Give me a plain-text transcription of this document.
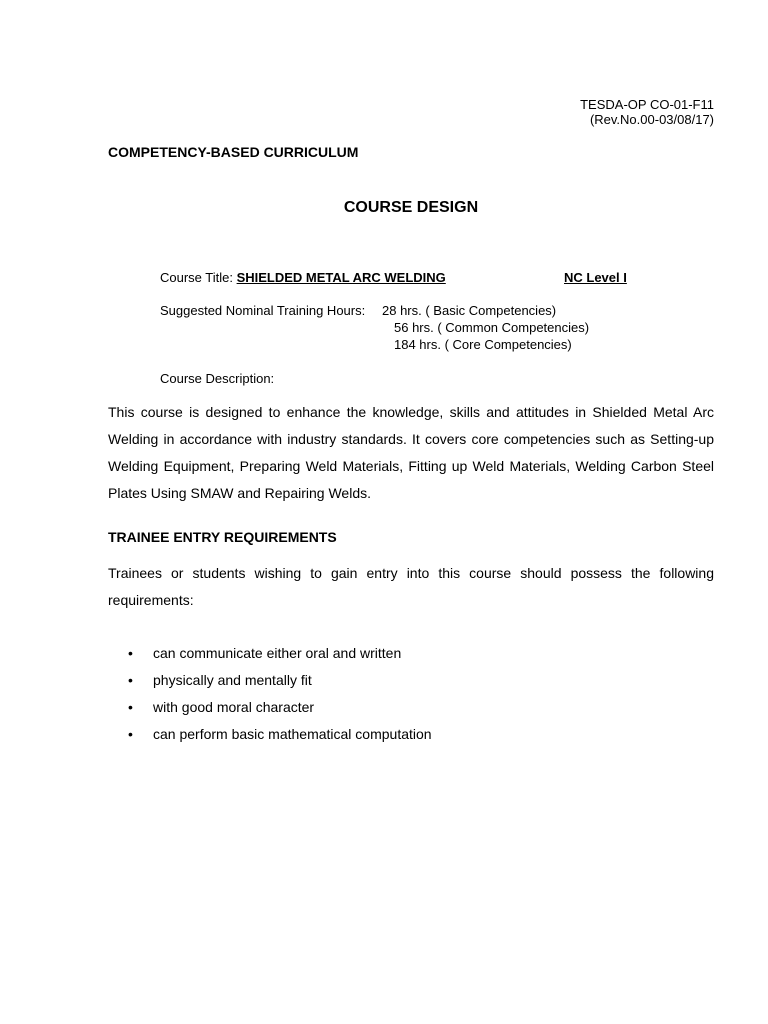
TESDA-OP CO-01-F11
(Rev.No.00-03/08/17)
COMPETENCY-BASED CURRICULUM
COURSE DESIGN
Course Title: SHIELDED METAL ARC WELDING	NC Level I
Suggested Nominal Training Hours: 28 hrs. ( Basic Competencies)
56 hrs. ( Common Competencies)
184 hrs. ( Core Competencies)
Course Description:

This course is designed to enhance the knowledge, skills and attitudes in Shielded Metal Arc Welding in accordance with industry standards. It covers core competencies such as Setting-up Welding Equipment, Preparing Weld Materials, Fitting up Weld Materials, Welding Carbon Steel Plates Using SMAW and Repairing Welds.

TRAINEE ENTRY REQUIREMENTS

Trainees or students wishing to gain entry into this course should possess the following requirements:

• can communicate either oral and written
• physically and mentally fit
• with good moral character
• can perform basic mathematical computation
